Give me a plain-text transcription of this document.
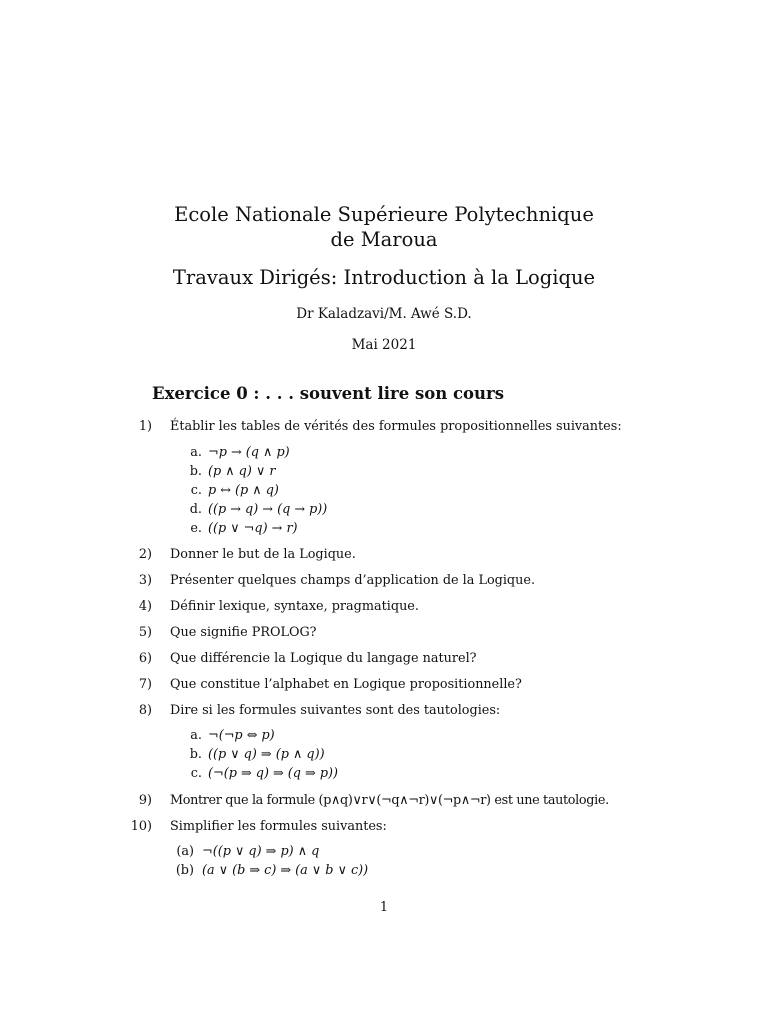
Ecole Nationale Supérieure Polytechnique de Maroua
Travaux Dirigés: Introduction à la Logique
Dr Kaladzavi/M. Awé S.D.
Mai 2021
Exercice 0 : . . . souvent lire son cours
1) Établir les tables de vérités des formules propositionnelles suivantes:
a. ¬p → (q ∧ p)
b. (p ∧ q) ∨ r
c. p ↔ (p ∧ q)
d. ((p → q) → (q → p))
e. ((p ∨ ¬q) → r)
2) Donner le but de la Logique.
3) Présenter quelques champs d’application de la Logique.
4) Définir lexique, syntaxe, pragmatique.
5) Que signifie PROLOG?
6) Que différencie la Logique du langage naturel?
7) Que constitue l’alphabet en Logique propositionnelle?
8) Dire si les formules suivantes sont des tautologies:
a. ¬(¬p ⇔ p)
b. ((p ∨ q) ⇒ (p ∧ q))
c. (¬(p ⇒ q) ⇒ (q ⇒ p))
9) Montrer que la formule (p∧q)∨r∨(¬q∧¬r)∨(¬p∧¬r) est une tautologie.
10) Simplifier les formules suivantes:
(a) ¬((p ∨ q) ⇒ p) ∧ q
(b) (a ∨ (b ⇒ c) ⇒ (a ∨ b ∨ c))
1
